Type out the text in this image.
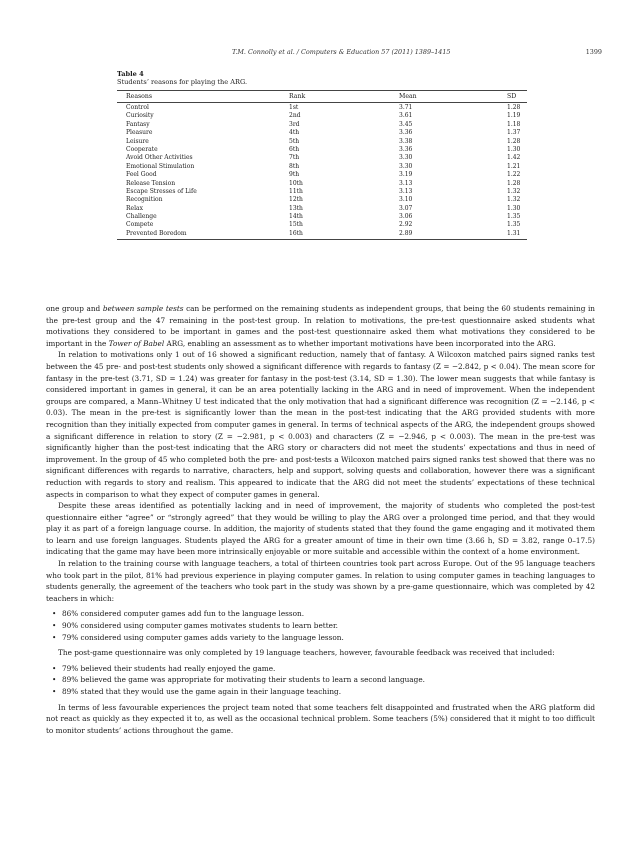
T.M. Connolly et al. / Computers & Education 57 (2011) 1389–1415	1399
Table 4
Students’ reasons for playing the ARG.
Reasons	Rank	Mean	SD
Control	1st	3.71	1.28
Curiosity	2nd	3.61	1.19
Fantasy	3rd	3.45	1.18
Pleasure	4th	3.36	1.37
Leisure	5th	3.38	1.28
Cooperate	6th	3.36	1.30
Avoid Other Activities	7th	3.30	1.42
Emotional Stimulation	8th	3.30	1.21
Feel Good	9th	3.19	1.22
Release Tension	10th	3.13	1.28
Escape Stresses of Life	11th	3.13	1.32
Recognition	12th	3.10	1.32
Relax	13th	3.07	1.30
Challenge	14th	3.06	1.35
Compete	15th	2.92	1.35
Prevented Boredom	16th	2.89	1.31

one group and between sample tests can be performed on the remaining students as independent groups, that being the 60 students remaining in the pre-test group and the 47 remaining in the post-test group. In relation to motivations, the pre-test questionnaire asked students what motivations they considered to be important in games and the post-test questionnaire asked them what motivations they considered to be important in the Tower of Babel ARG, enabling an assessment as to whether important motivations have been incorporated into the ARG.

In relation to motivations only 1 out of 16 showed a significant reduction, namely that of fantasy. A Wilcoxon matched pairs signed ranks test between the 45 pre- and post-test students only showed a significant difference with regards to fantasy (Z = −2.842, p < 0.04). The mean score for fantasy in the pre-test (3.71, SD = 1.24) was greater for fantasy in the post-test (3.14, SD = 1.30). The lower mean suggests that while fantasy is considered important in games in general, it can be an area potentially lacking in the ARG and in need of improvement. When the independent groups are compared, a Mann–Whitney U test indicated that the only motivation that had a significant difference was recognition (Z = −2.146, p < 0.03). The mean in the pre-test is significantly lower than the mean in the post-test indicating that the ARG provided students with more recognition than they initially expected from computer games in general. In terms of technical aspects of the ARG, the independent groups showed a significant difference in relation to story (Z = −2.981, p < 0.003) and characters (Z = −2.946, p < 0.003). The mean in the pre-test was significantly higher than the post-test indicating that the ARG story or characters did not meet the students’ expectations and thus in need of improvement. In the group of 45 who completed both the pre- and post-tests a Wilcoxon matched pairs signed ranks test showed that there was no significant differences with regards to narrative, characters, help and support, solving quests and collaboration, however there was a significant reduction with regards to story and realism. This appeared to indicate that the ARG did not meet the students’ expectations of these technical aspects in comparison to what they expect of computer games in general.

Despite these areas identified as potentially lacking and in need of improvement, the majority of students who completed the post-test questionnaire either “agree” or “strongly agreed” that they would be willing to play the ARG over a prolonged time period, and that they would play it as part of a foreign language course. In addition, the majority of students stated that they found the game engaging and it motivated them to learn and use foreign languages. Students played the ARG for a greater amount of time in their own time (3.66 h, SD = 3.82, range 0–17.5) indicating that the game may have been more intrinsically enjoyable or more suitable and accessible within the context of a home environment.

In relation to the training course with language teachers, a total of thirteen countries took part across Europe. Out of the 95 language teachers who took part in the pilot, 81% had previous experience in playing computer games. In relation to using computer games in teaching languages to students generally, the agreement of the teachers who took part in the study was shown by a pre-game questionnaire, which was completed by 42 teachers in which:

• 86% considered computer games add fun to the language lesson.
• 90% considered using computer games motivates students to learn better.
• 79% considered using computer games adds variety to the language lesson.

The post-game questionnaire was only completed by 19 language teachers, however, favourable feedback was received that included:

• 79% believed their students had really enjoyed the game.
• 89% believed the game was appropriate for motivating their students to learn a second language.
• 89% stated that they would use the game again in their language teaching.

In terms of less favourable experiences the project team noted that some teachers felt disappointed and frustrated when the ARG platform did not react as quickly as they expected it to, as well as the occasional technical problem. Some teachers (5%) considered that it might to too difficult to monitor students’ actions throughout the game.
